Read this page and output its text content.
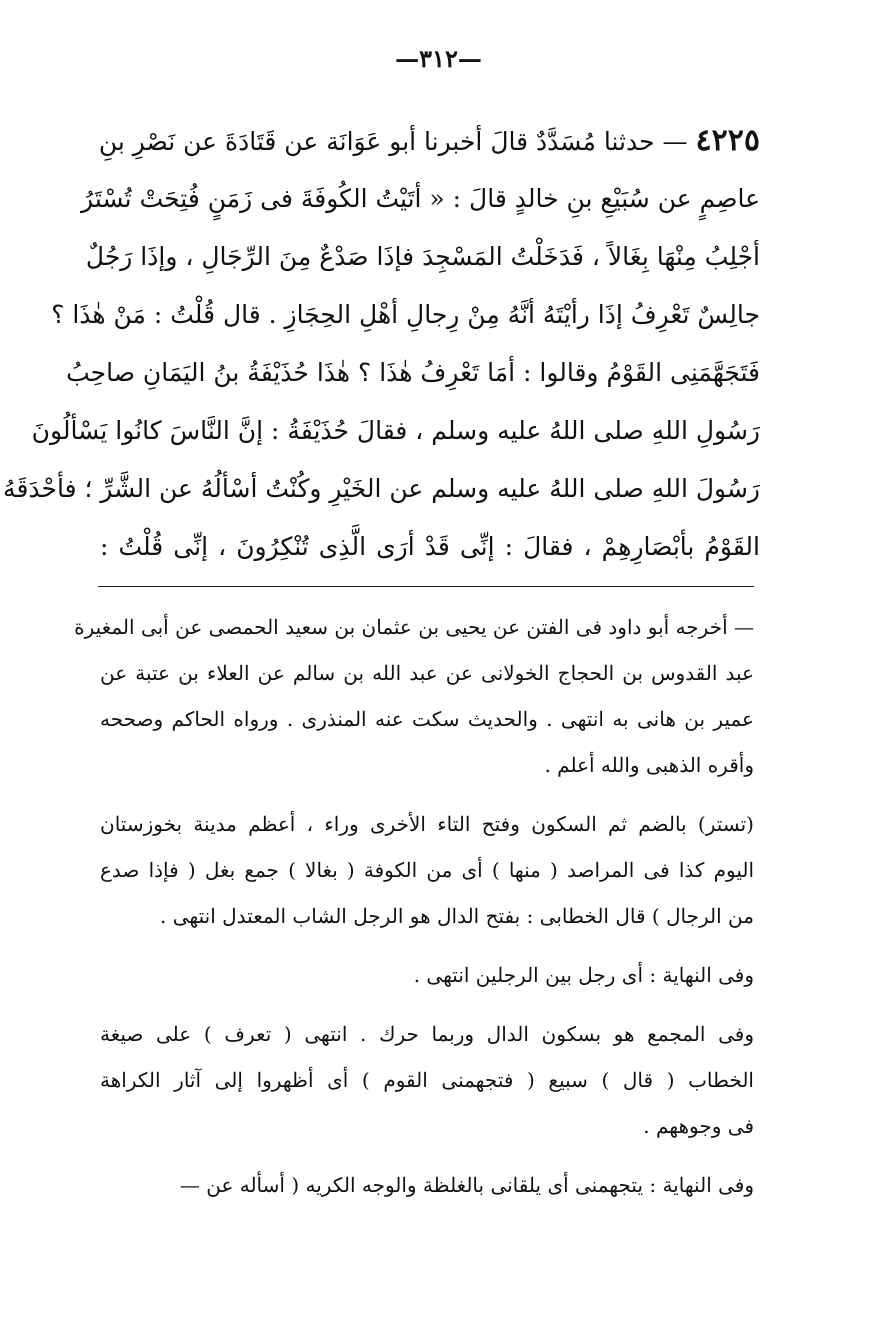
—٣١٢—
٤٢٢٥— حدثنا مُسَدَّدٌ قالَ أخبرنا أبو عَوَانَة عن قَتَادَةَ عن نَصْرِ بنِ
عاصِمٍ عن سُبَيْعِ بنِ خالدٍ قالَ : « أتَيْتُ الكُوفَةَ فى زَمَنٍ فُتِحَتْ تُسْتَرُ
أجْلِبُ مِنْهَا بِغَالاً ، فَدَخَلْتُ المَسْجِدَ فإذَا صَدْعٌ مِنَ الرِّجَالِ ، وإذَا رَجُلٌ
جالِسٌ تَعْرِفُ إذَا رأيْتَهُ أنَّهُ مِنْ رِجالِ أهْلِ الحِجَازِ . قال قُلْتُ : مَنْ هٰذَا ؟
فَتَجَهَّمَنِى القَوْمُ وقالوا : أمَا تَعْرِفُ هٰذَا ؟ هٰذَا حُذَيْفَةُ بنُ اليَمَانِ صاحِبُ
رَسُولِ اللهِ صلى اللهُ عليه وسلم ، فقالَ حُذَيْفَةُ : إنَّ النَّاسَ كانُوا يَسْألُونَ
رَسُولَ اللهِ صلى اللهُ عليه وسلم عن الخَيْرِ وكُنْتُ أسْألُهُ عن الشَّرِّ ؛ فأحْدَقَهُ
القَوْمُ بأبْصَارِهِمْ ، فقالَ : إنِّى قَدْ أرَى الَّذِى تُنْكِرُونَ ، إنِّى قُلْتُ :
— أخرجه أبو داود فى الفتن عن يحيى بن عثمان بن سعيد الحمصى عن أبى المغيرة
عبد القدوس بن الحجاج الخولانى عن عبد الله بن سالم عن العلاء بن عتبة عن
عمير بن هانى به انتهى . والحديث سكت عنه المنذرى . ورواه الحاكم وصححه
وأقره الذهبى والله أعلم .
(تستر) بالضم ثم السكون وفتح التاء الأخرى وراء ، أعظم مدينة بخوزستان
اليوم كذا فى المراصد ( منها ) أى من الكوفة ( بغالا ) جمع بغل ( فإذا صدع
من الرجال ) قال الخطابى : بفتح الدال هو الرجل الشاب المعتدل انتهى .
وفى النهاية : أى رجل بين الرجلين انتهى .
وفى المجمع هو بسكون الدال وربما حرك . انتهى ( تعرف ) على صيغة
الخطاب ( قال ) سبيع ( فتجهمنى القوم ) أى أظهروا إلى آثار الكراهة
فى وجوههم .
وفى النهاية : يتجهمنى أى يلقانى بالغلظة والوجه الكريه ( أسأله عن —
